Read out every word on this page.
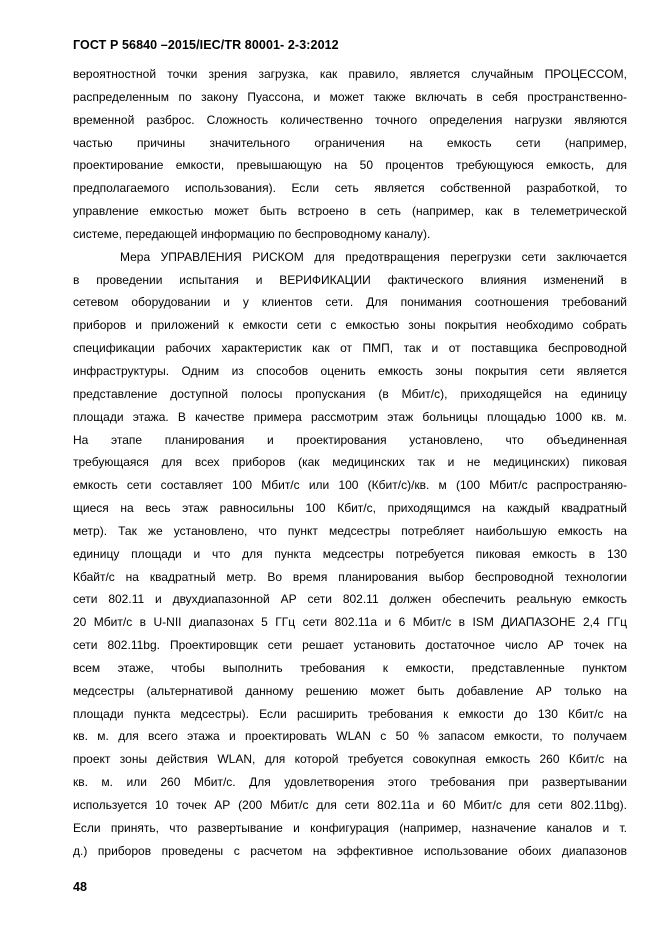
ГОСТ Р 56840 –2015/IEC/TR 80001- 2-3:2012
вероятностной точки зрения загрузка, как правило, является случайным ПРОЦЕССОМ,
распределенным по закону Пуассона, и может также включать в себя пространственно-
временной разброс. Сложность количественно точного определения нагрузки являются
частью причины значительного ограничения на емкость сети (например,
проектирование емкости, превышающую на 50 процентов требующуюся емкость, для
предполагаемого использования). Если сеть является собственной разработкой, то
управление емкостью может быть встроено в сеть (например, как в телеметрической
системе, передающей информацию по беспроводному каналу).
Мера УПРАВЛЕНИЯ РИСКОМ для предотвращения перегрузки сети заключается
в проведении испытания и ВЕРИФИКАЦИИ фактического влияния изменений в
сетевом оборудовании и у клиентов сети. Для понимания соотношения требований
приборов и приложений к емкости сети с емкостью зоны покрытия необходимо собрать
спецификации рабочих характеристик как от ПМП, так и от поставщика беспроводной
инфраструктуры. Одним из способов оценить емкость зоны покрытия сети является
представление доступной полосы пропускания (в Мбит/с), приходящейся на единицу
площади этажа. В качестве примера рассмотрим этаж больницы площадью 1000 кв. м.
На этапе планирования и проектирования установлено, что объединенная
требующаяся для всех приборов (как медицинских так и не медицинских) пиковая
емкость сети составляет 100 Мбит/с или 100 (Кбит/с)/кв. м (100 Мбит/с распространяю-
щиеся на весь этаж равносильны 100 Кбит/с, приходящимся на каждый квадратный
метр). Так же установлено, что пункт медсестры потребляет наибольшую емкость на
единицу площади и что для пункта медсестры потребуется пиковая емкость в 130
Кбайт/с на квадратный метр. Во время планирования выбор беспроводной технологии
сети 802.11 и двухдиапазонной АР сети 802.11 должен обеспечить реальную емкость
20 Мбит/с в U-NII диапазонах 5 ГГц сети 802.11a и 6 Мбит/с в ISM ДИАПАЗОНЕ 2,4 ГГц
сети 802.11bg. Проектировщик сети решает установить достаточное число АР точек на
всем этаже, чтобы выполнить требования к емкости, представленные пунктом
медсестры (альтернативой данному решению может быть добавление АР только на
площади пункта медсестры). Если расширить требования к емкости до 130 Кбит/с на
кв. м. для всего этажа и проектировать WLAN с 50 % запасом емкости, то получаем
проект зоны действия WLAN, для которой требуется совокупная емкость 260 Кбит/с на
кв. м. или 260 Мбит/с. Для удовлетворения этого требования при развертывании
используется 10 точек АР (200 Мбит/с для сети 802.11a и 60 Мбит/с для сети 802.11bg).
Если принять, что развертывание и конфигурация (например, назначение каналов и т.
д.) приборов проведены с расчетом на эффективное использование обоих диапазонов
48
